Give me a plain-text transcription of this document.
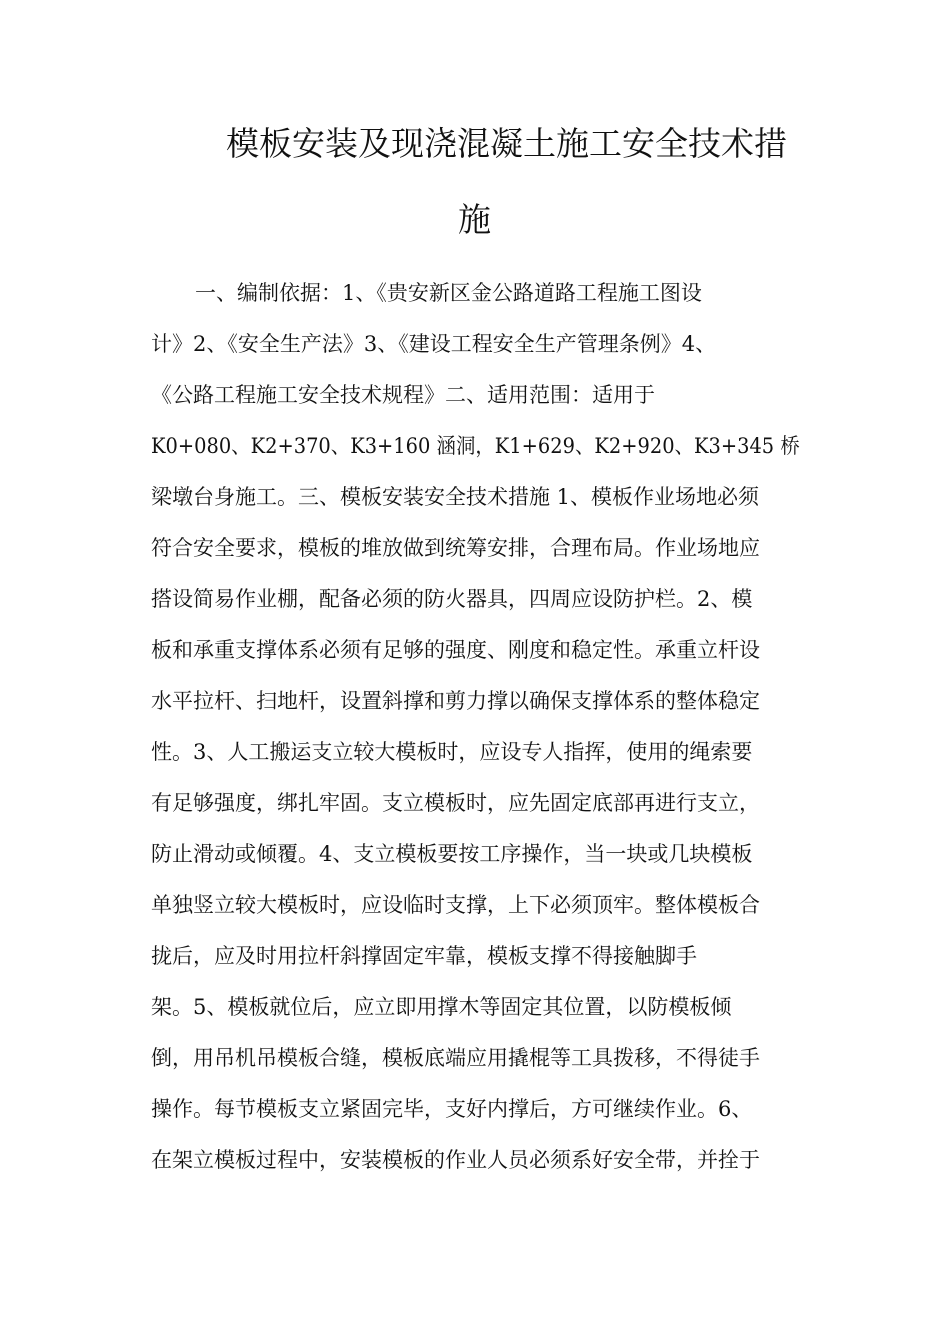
模板安装及现浇混凝土施工安全技术措
施
一、编制依据：1、《贵安新区金公路道路工程施工图设
计》2、《安全生产法》3、《建设工程安全生产管理条例》4、
《公路工程施工安全技术规程》二、适用范围：适用于
K0+080、K2+370、K3+160 涵洞，K1+629、K2+920、K3+345 桥
梁墩台身施工。三、模板安装安全技术措施 1、模板作业场地必须
符合安全要求，模板的堆放做到统筹安排，合理布局。作业场地应
搭设简易作业棚，配备必须的防火器具，四周应设防护栏。2、模
板和承重支撑体系必须有足够的强度、刚度和稳定性。承重立杆设
水平拉杆、扫地杆，设置斜撑和剪力撑以确保支撑体系的整体稳定
性。3、人工搬运支立较大模板时，应设专人指挥，使用的绳索要
有足够强度，绑扎牢固。支立模板时，应先固定底部再进行支立，
防止滑动或倾覆。4、支立模板要按工序操作，当一块或几块模板
单独竖立较大模板时，应设临时支撑，上下必须顶牢。整体模板合
拢后，应及时用拉杆斜撑固定牢靠，模板支撑不得接触脚手
架。5、模板就位后，应立即用撑木等固定其位置，以防模板倾
倒，用吊机吊模板合缝，模板底端应用撬棍等工具拨移，不得徒手
操作。每节模板支立紧固完毕，支好内撑后，方可继续作业。6、
在架立模板过程中，安装模板的作业人员必须系好安全带，并拴于
